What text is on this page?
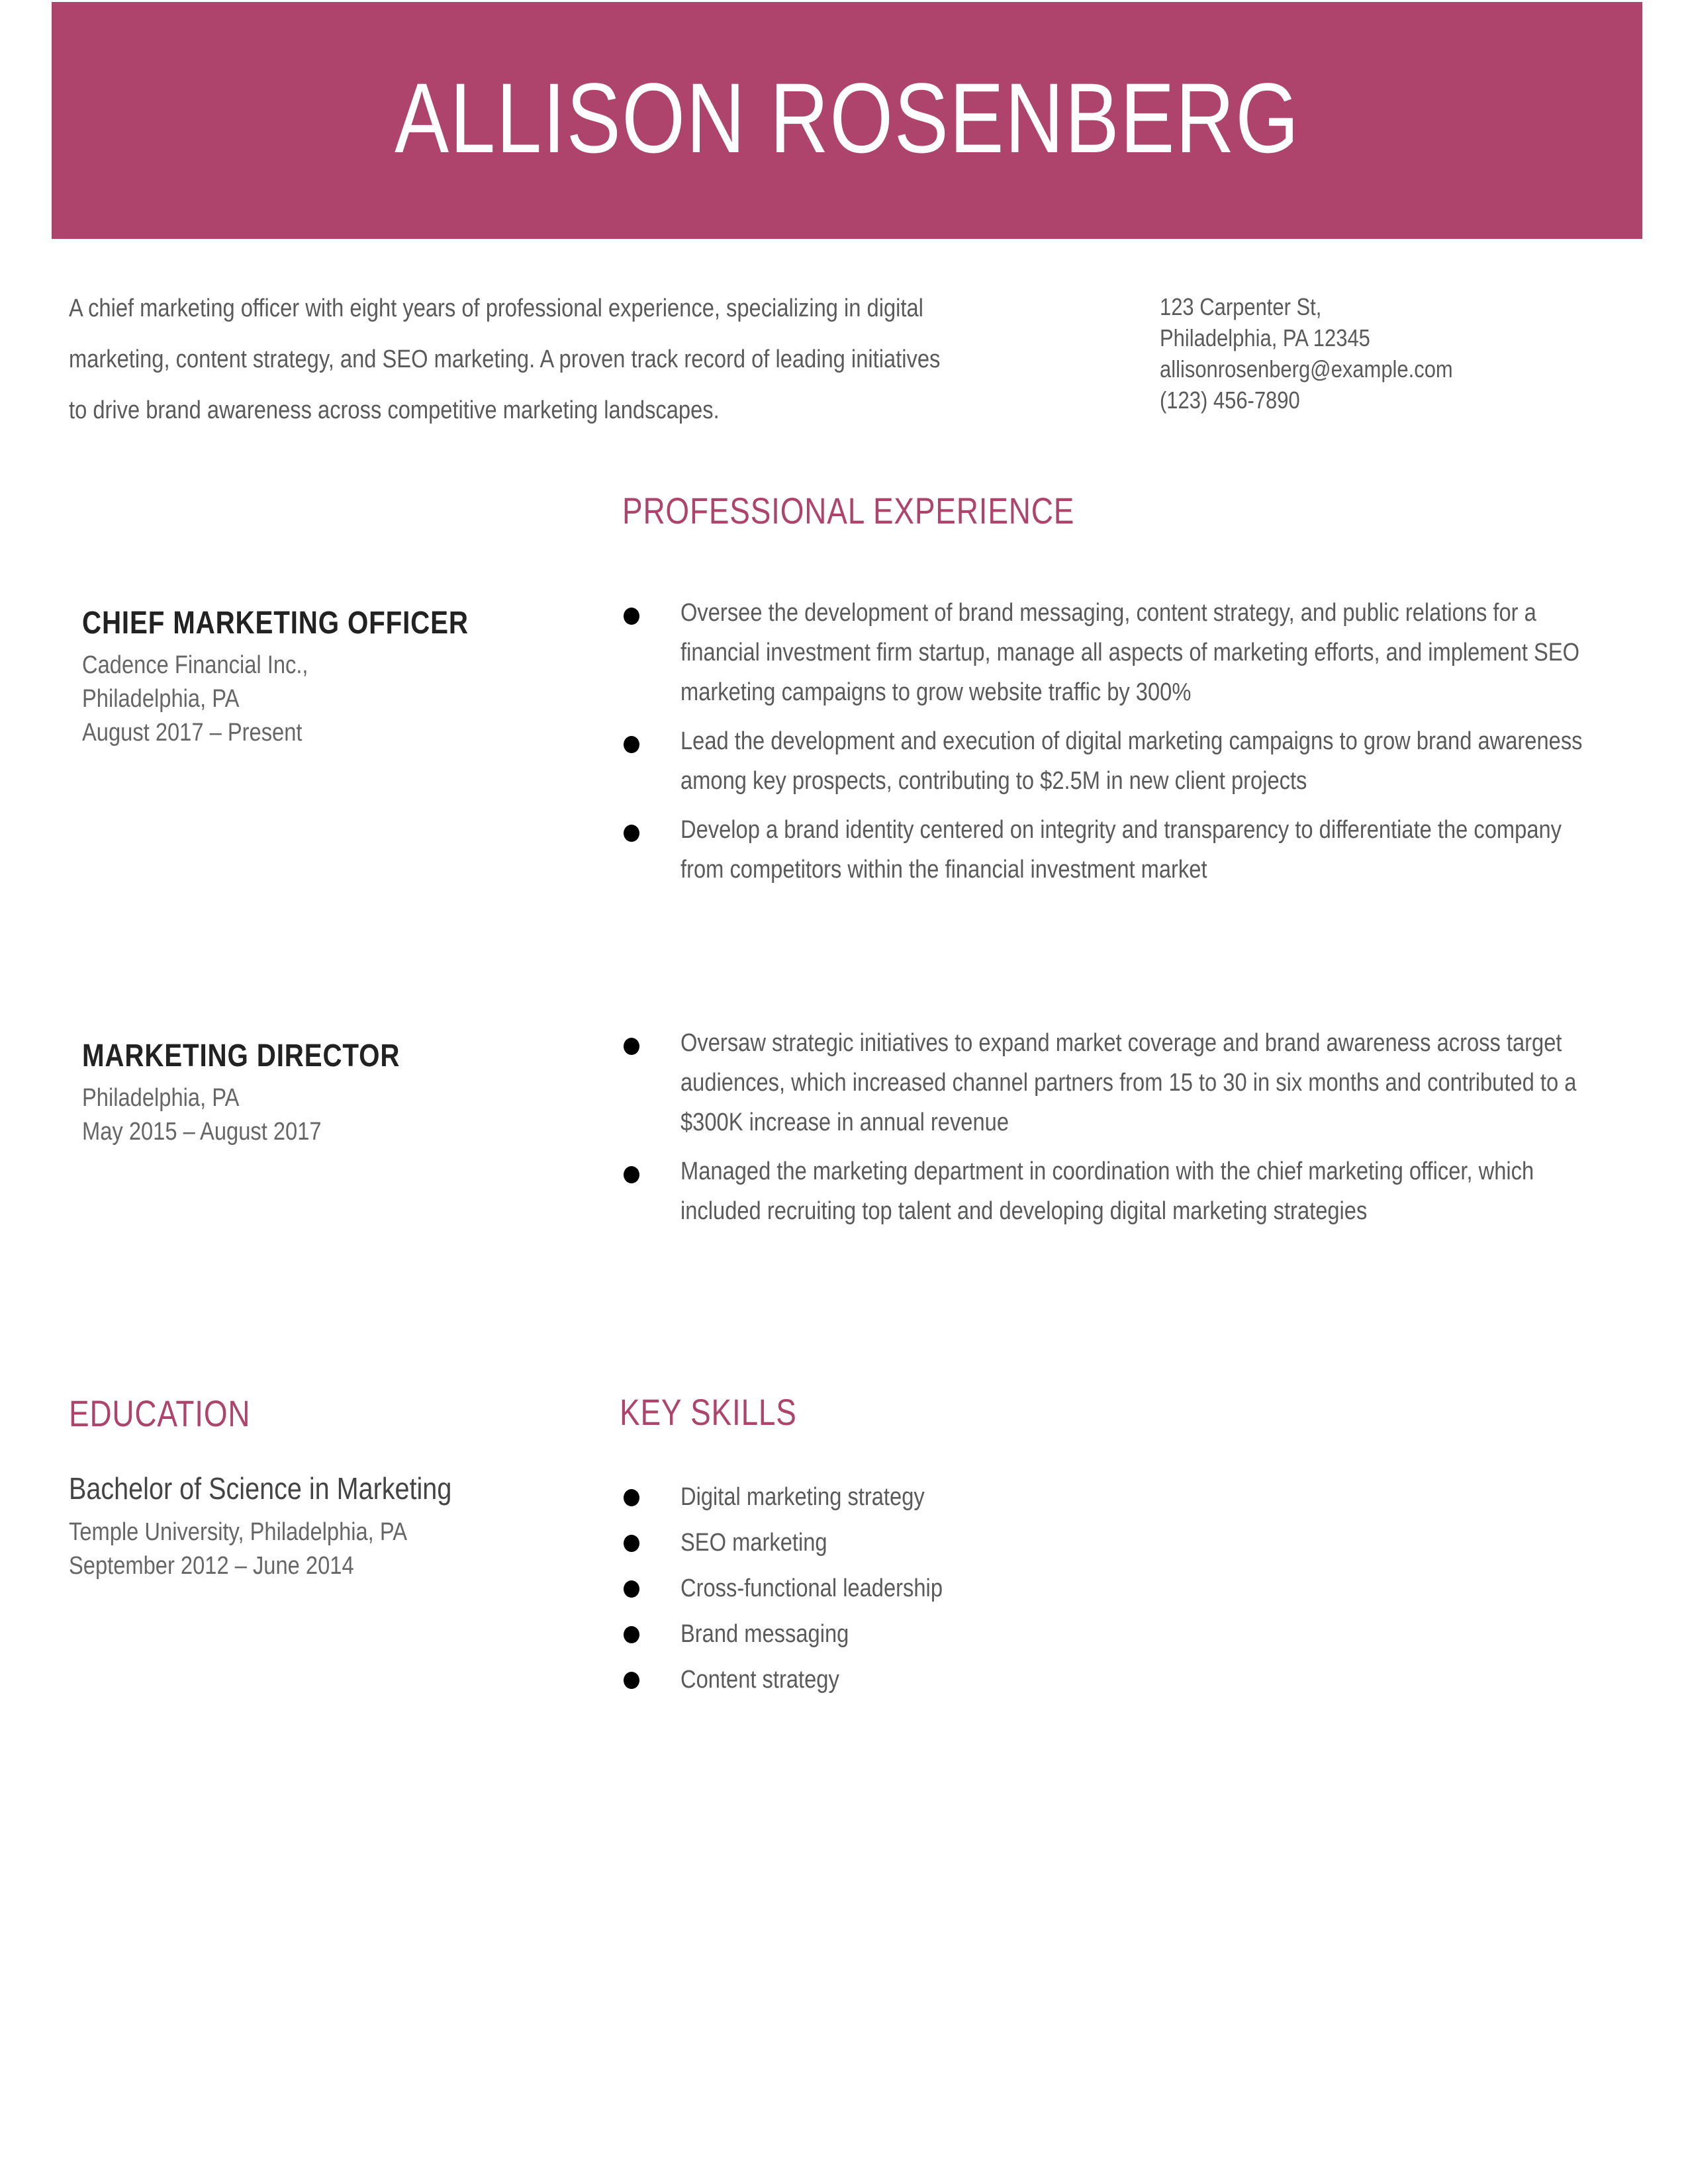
ALLISON ROSENBERG
A chief marketing officer with eight years of professional experience, specializing in digital
marketing, content strategy, and SEO marketing. A proven track record of leading initiatives
to drive brand awareness across competitive marketing landscapes.
123 Carpenter St,
Philadelphia, PA 12345
allisonrosenberg@example.com
(123) 456-7890
PROFESSIONAL EXPERIENCE
CHIEF MARKETING OFFICER
Cadence Financial Inc.,
Philadelphia, PA
August 2017 – Present
Oversee the development of brand messaging, content strategy, and public relations for a financial investment firm startup, manage all aspects of marketing efforts, and implement SEO marketing campaigns to grow website traffic by 300%
Lead the development and execution of digital marketing campaigns to grow brand awareness among key prospects, contributing to $2.5M in new client projects
Develop a brand identity centered on integrity and transparency to differentiate the company from competitors within the financial investment market
MARKETING DIRECTOR
Philadelphia, PA
May 2015 – August 2017
Oversaw strategic initiatives to expand market coverage and brand awareness across target audiences, which increased channel partners from 15 to 30 in six months and contributed to a $300K increase in annual revenue
Managed the marketing department in coordination with the chief marketing officer, which included recruiting top talent and developing digital marketing strategies
EDUCATION
Bachelor of Science in Marketing
Temple University, Philadelphia, PA
September 2012 – June 2014
KEY SKILLS
Digital marketing strategy
SEO marketing
Cross-functional leadership
Brand messaging
Content strategy
